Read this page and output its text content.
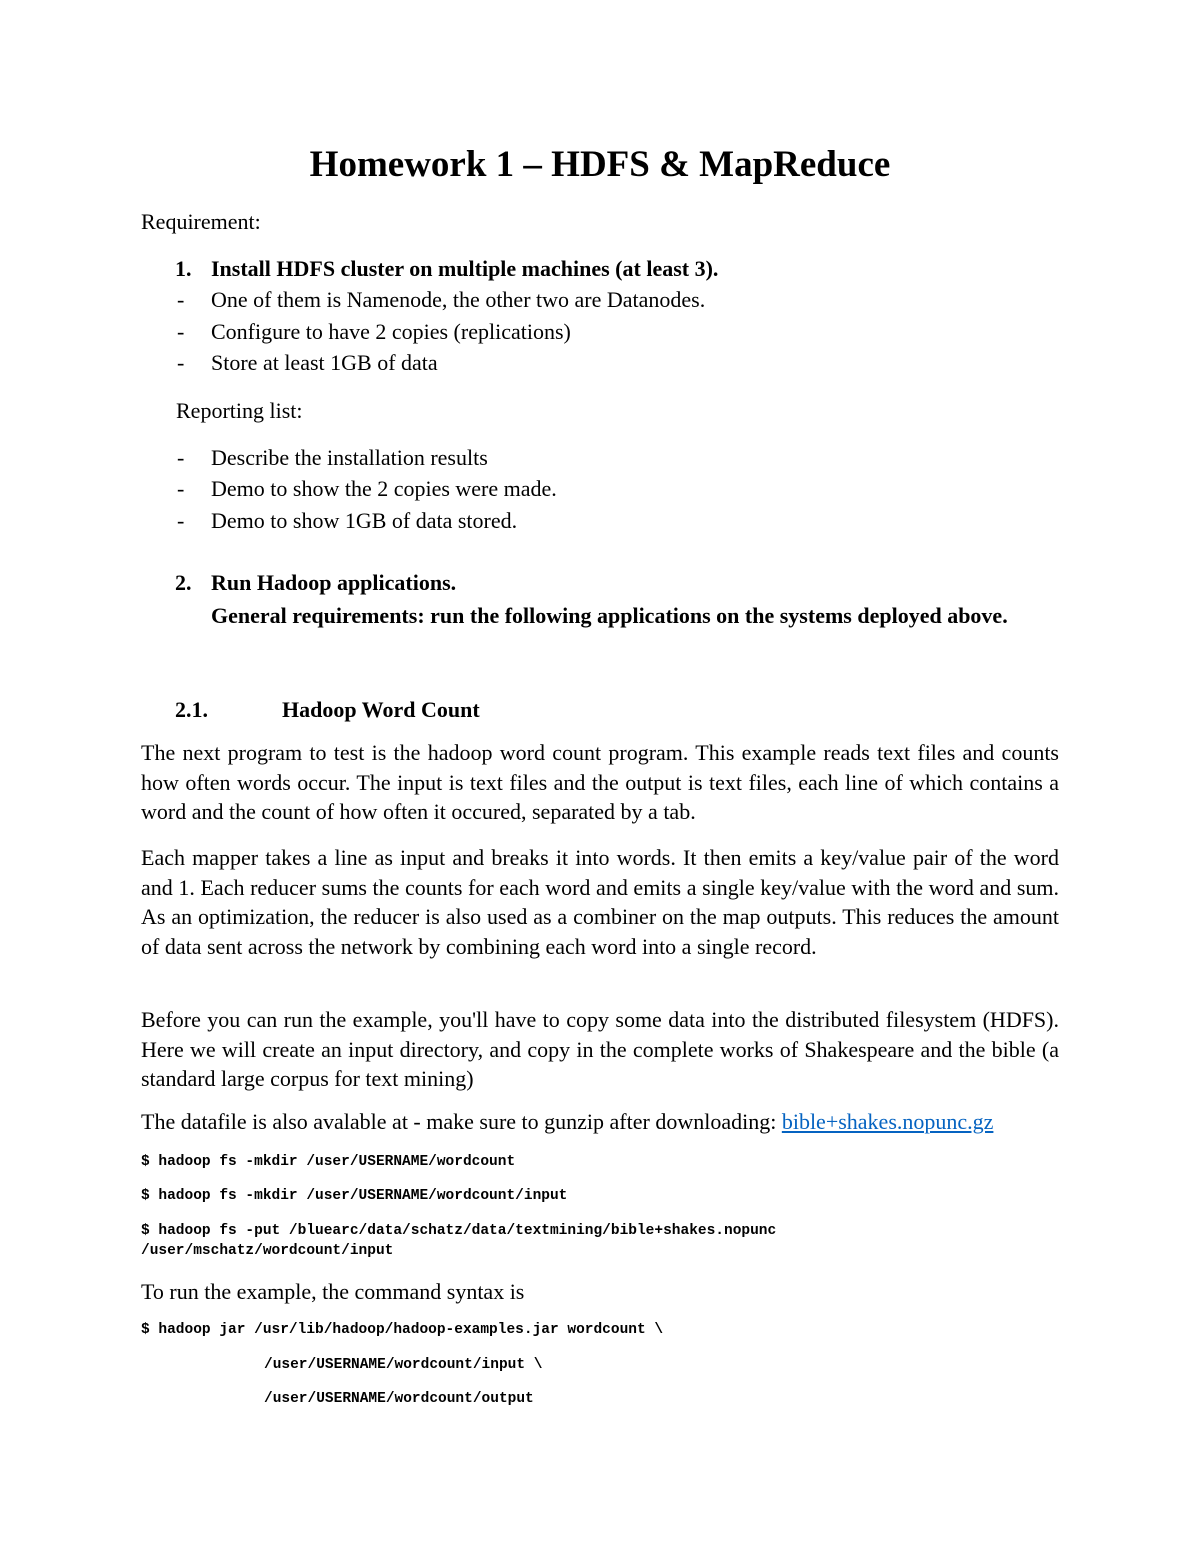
Homework 1 – HDFS & MapReduce
Requirement:
1. Install HDFS cluster on multiple machines (at least 3).
- One of them is Namenode, the other two are Datanodes.
- Configure to have 2 copies (replications)
- Store at least 1GB of data
Reporting list:
- Describe the installation results
- Demo to show the 2 copies were made.
- Demo to show 1GB of data stored.
2. Run Hadoop applications.

General requirements: run the following applications on the systems deployed above.

2.1.	Hadoop Word Count

The next program to test is the hadoop word count program. This example reads text files and counts how often words occur. The input is text files and the output is text files, each line of which contains a word and the count of how often it occured, separated by a tab.

Each mapper takes a line as input and breaks it into words. It then emits a key/value pair of the word and 1. Each reducer sums the counts for each word and emits a single key/value with the word and sum. As an optimization, the reducer is also used as a combiner on the map outputs. This reduces the amount of data sent across the network by combining each word into a single record.

Before you can run the example, you'll have to copy some data into the distributed filesystem (HDFS). Here we will create an input directory, and copy in the complete works of Shakespeare and the bible (a standard large corpus for text mining)

The datafile is also avalable at - make sure to gunzip after downloading: bible+shakes.nopunc.gz
$ hadoop fs -mkdir /user/USERNAME/wordcount
$ hadoop fs -mkdir /user/USERNAME/wordcount/input
$ hadoop fs -put /bluearc/data/schatz/data/textmining/bible+shakes.nopunc
/user/mschatz/wordcount/input
To run the example, the command syntax is
$ hadoop jar /usr/lib/hadoop/hadoop-examples.jar wordcount \
/user/USERNAME/wordcount/input \
/user/USERNAME/wordcount/output
